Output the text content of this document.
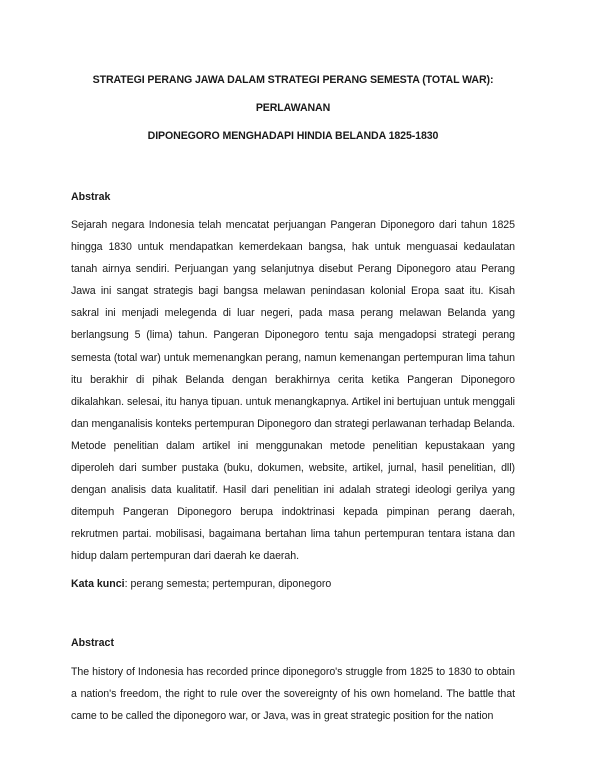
STRATEGI PERANG JAWA DALAM STRATEGI PERANG SEMESTA (TOTAL WAR): PERLAWANAN
DIPONEGORO MENGHADAPI HINDIA BELANDA 1825-1830
Abstrak

Sejarah negara Indonesia telah mencatat perjuangan Pangeran Diponegoro dari tahun 1825 hingga 1830 untuk mendapatkan kemerdekaan bangsa, hak untuk menguasai kedaulatan tanah airnya sendiri. Perjuangan yang selanjutnya disebut Perang Diponegoro atau Perang Jawa ini sangat strategis bagi bangsa melawan penindasan kolonial Eropa saat itu. Kisah sakral ini menjadi melegenda di luar negeri, pada masa perang melawan Belanda yang berlangsung 5 (lima) tahun. Pangeran Diponegoro tentu saja mengadopsi strategi perang semesta (total war) untuk memenangkan perang, namun kemenangan pertempuran lima tahun itu berakhir di pihak Belanda dengan berakhirnya cerita ketika Pangeran Diponegoro dikalahkan. selesai, itu hanya tipuan. untuk menangkapnya. Artikel ini bertujuan untuk menggali dan menganalisis konteks pertempuran Diponegoro dan strategi perlawanan terhadap Belanda. Metode penelitian dalam artikel ini menggunakan metode penelitian kepustakaan yang diperoleh dari sumber pustaka (buku, dokumen, website, artikel, jurnal, hasil penelitian, dll) dengan analisis data kualitatif. Hasil dari penelitian ini adalah strategi ideologi gerilya yang ditempuh Pangeran Diponegoro berupa indoktrinasi kepada pimpinan perang daerah, rekrutmen partai. mobilisasi, bagaimana bertahan lima tahun pertempuran tentara istana dan hidup dalam pertempuran dari daerah ke daerah.

Kata kunci: perang semesta; pertempuran, diponegoro

Abstract

The history of Indonesia has recorded prince diponegoro's struggle from 1825 to 1830 to obtain a nation's freedom, the right to rule over the sovereignty of his own homeland. The battle that came to be called the diponegoro war, or Java, was in great strategic position for the nation
